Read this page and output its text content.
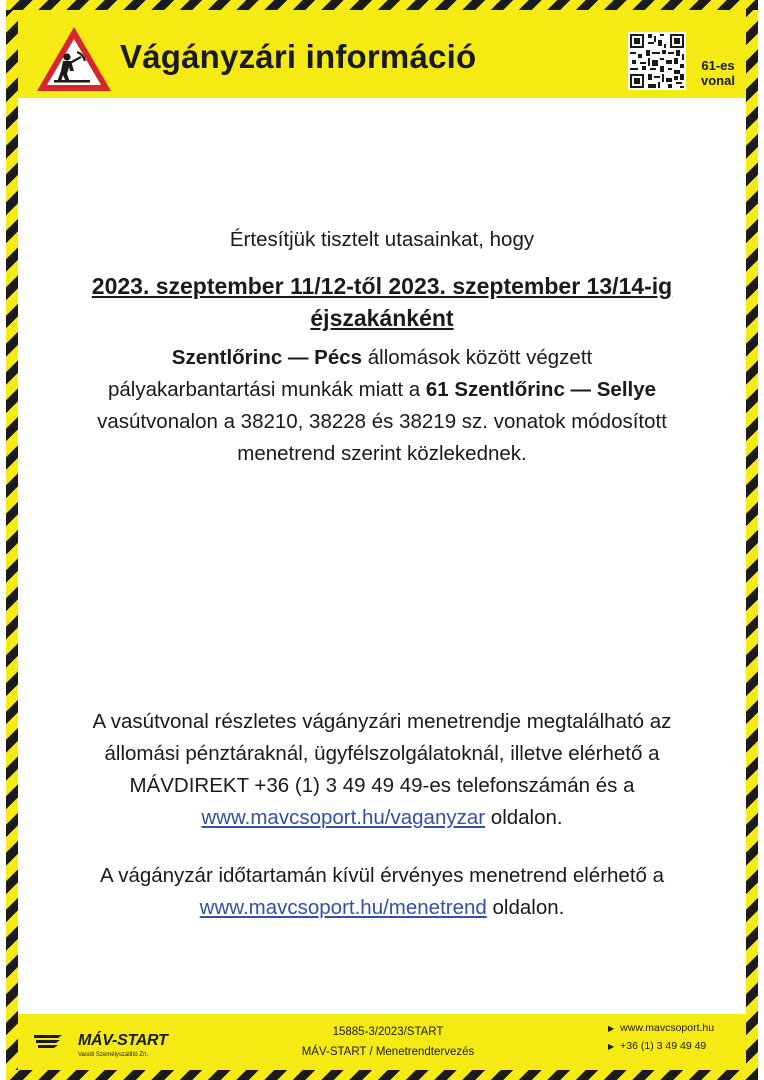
Vágányzári információ	61-es
vonal
Értesítjük tisztelt utasainkat, hogy
2023. szeptember 11/12-től 2023. szeptember 13/14-ig
éjszakánként
Szentlőrinc — Pécs állomások között végzett
pályakarbantartási munkák miatt a 61 Szentlőrinc — Sellye
vasútvonalon a 38210, 38228 és 38219 sz. vonatok módosított
menetrend szerint közlekednek.
A vasútvonal részletes vágányzári menetrendje megtalálható az
állomási pénztáraknál, ügyfélszolgálatoknál, illetve elérhető a
MÁVDIREKT +36 (1) 3 49 49 49-es telefonszámán és a
www.mavcsoport.hu/vaganyzar oldalon.
A vágányzár időtartamán kívül érvényes menetrend elérhető a
www.mavcsoport.hu/menetrend oldalon.
MÁV-START
Vasúti Személyszállító Zrt.
15885-3/2023/START
MÁV-START / Menetrendtervezés
▶ www.mavcsoport.hu
▶ +36 (1) 3 49 49 49
